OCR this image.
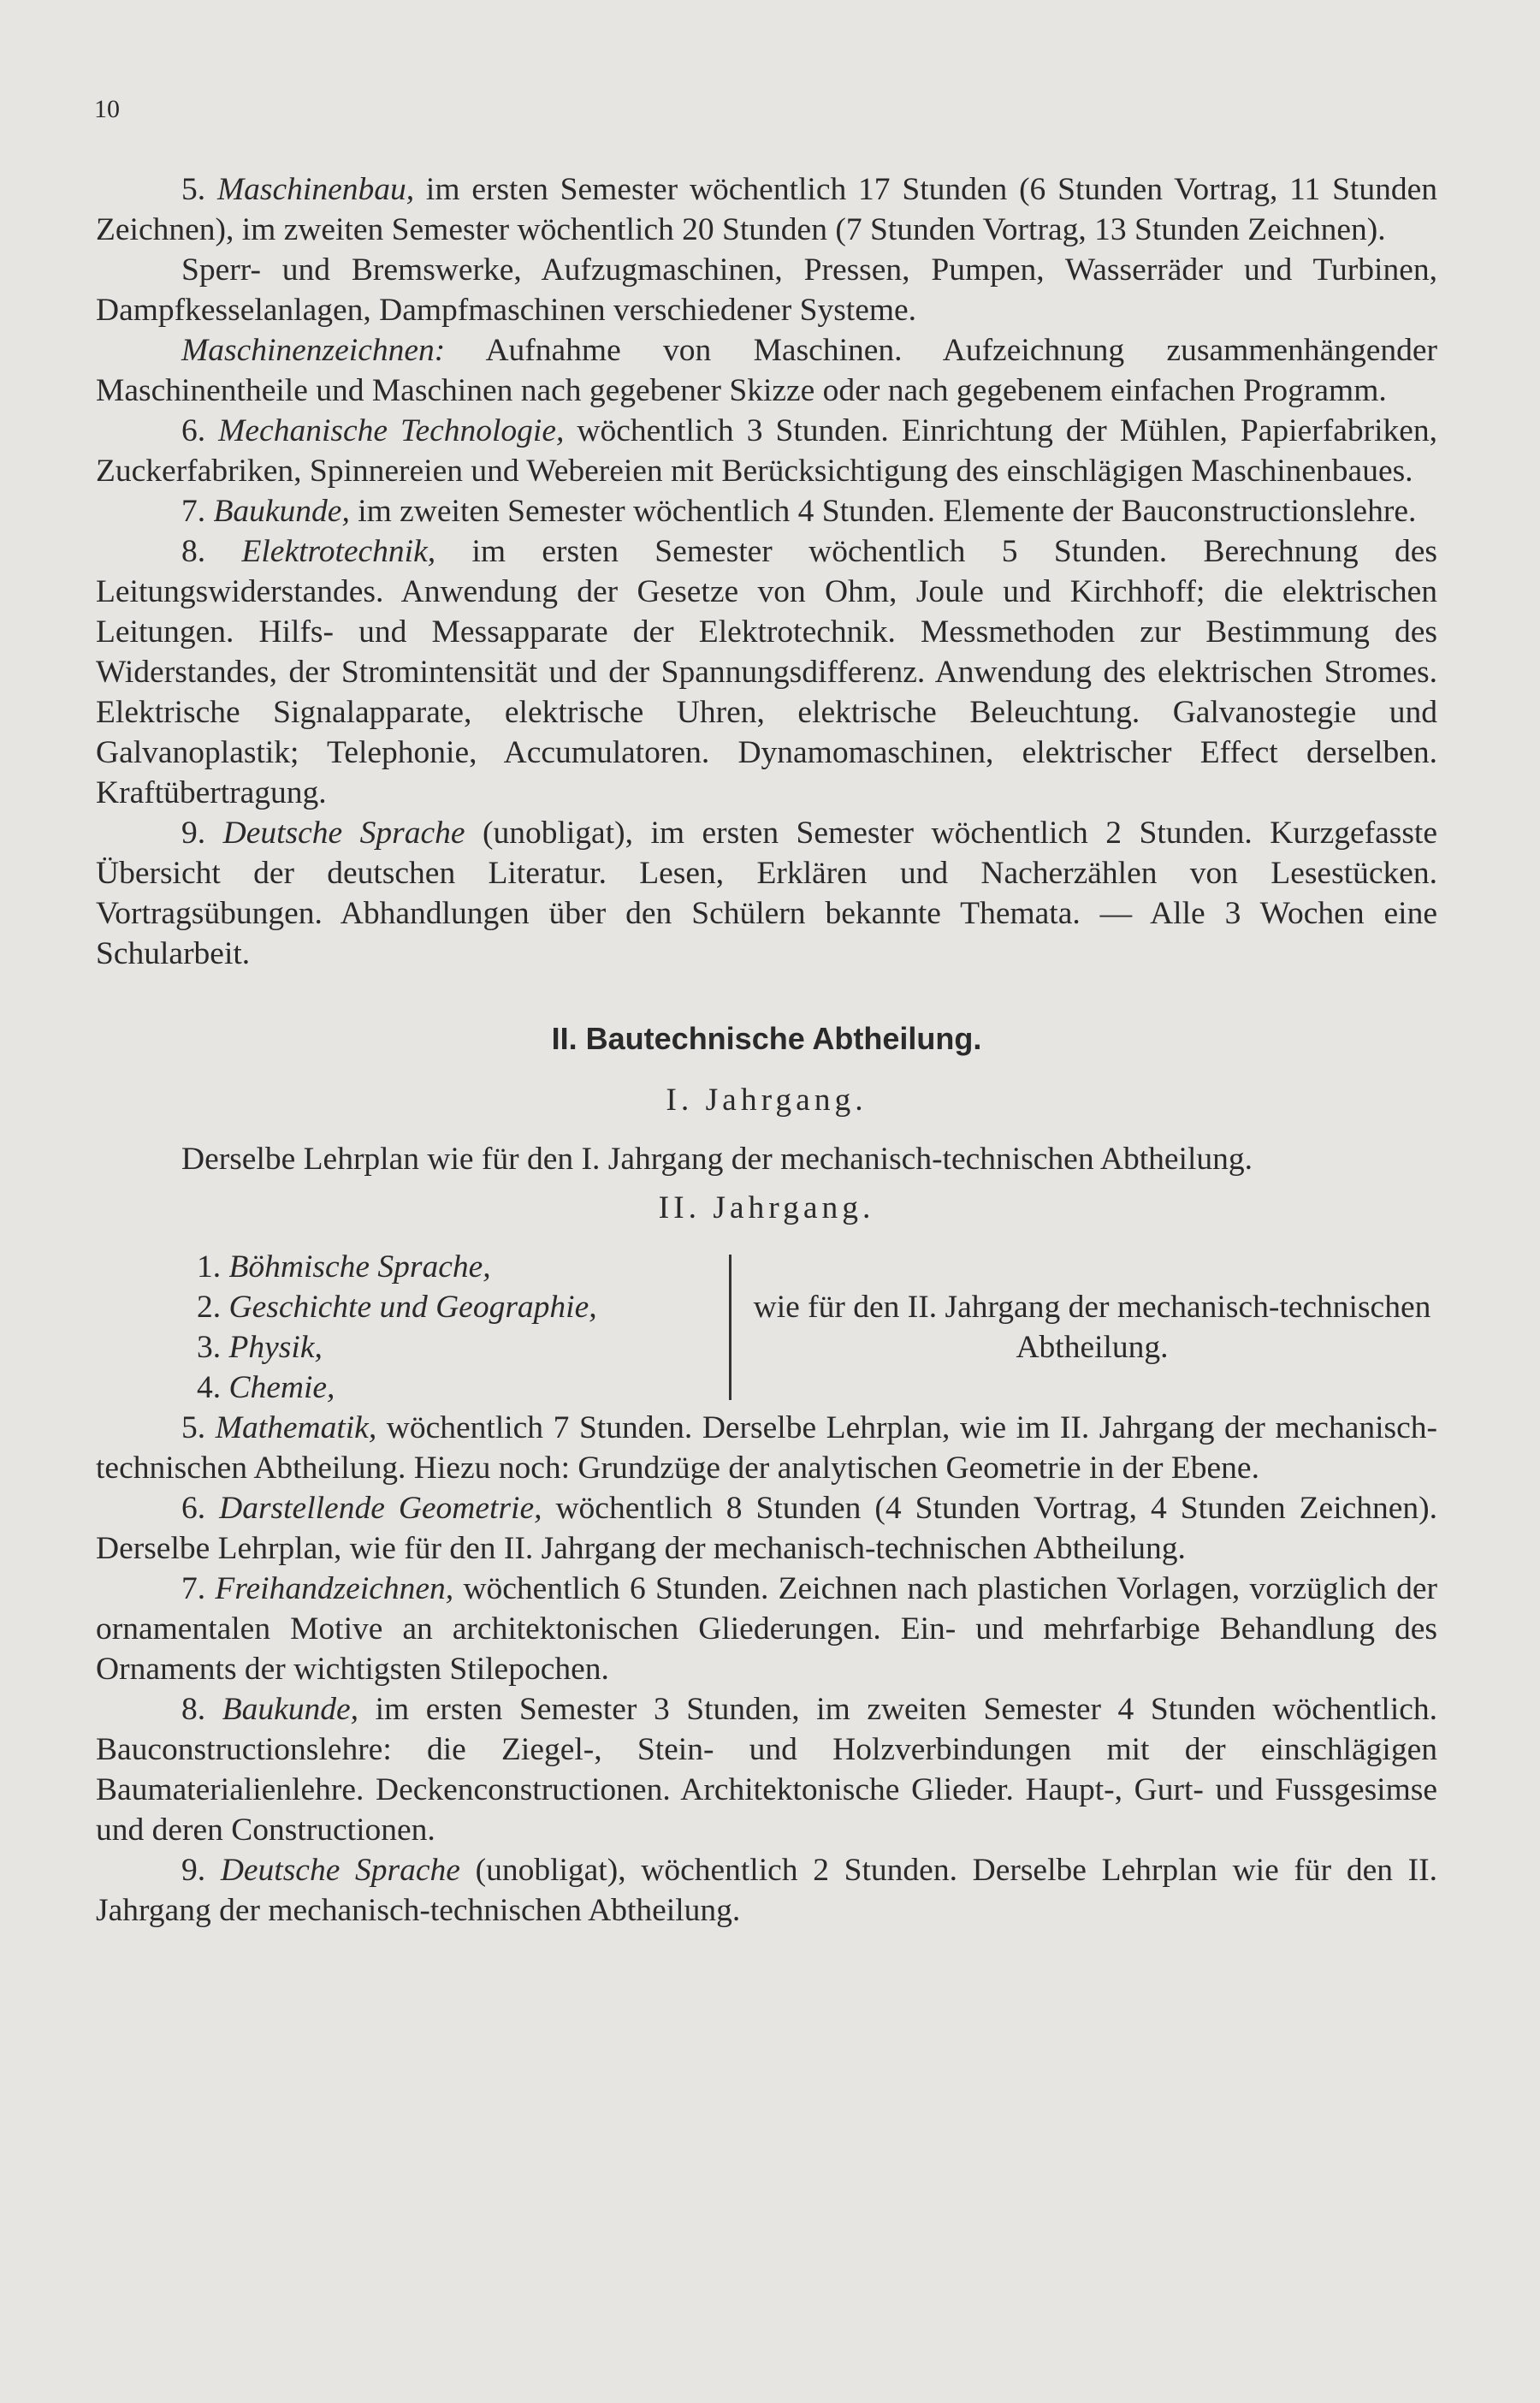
10

5. Maschinenbau, im ersten Semester wöchentlich 17 Stunden (6 Stunden Vortrag, 11 Stunden Zeichnen), im zweiten Semester wöchentlich 20 Stunden (7 Stunden Vortrag, 13 Stunden Zeichnen).

Sperr- und Bremswerke, Aufzugmaschinen, Pressen, Pumpen, Wasserräder und Turbinen, Dampfkesselanlagen, Dampfmaschinen verschiedener Systeme.

Maschinenzeichnen: Aufnahme von Maschinen. Aufzeichnung zusammenhängender Maschinentheile und Maschinen nach gegebener Skizze oder nach gegebenem einfachen Programm.

6. Mechanische Technologie, wöchentlich 3 Stunden. Einrichtung der Mühlen, Papierfabriken, Zuckerfabriken, Spinnereien und Webereien mit Berücksichtigung des einschlägigen Maschinenbaues.

7. Baukunde, im zweiten Semester wöchentlich 4 Stunden. Elemente der Bauconstructionslehre.

8. Elektrotechnik, im ersten Semester wöchentlich 5 Stunden. Berechnung des Leitungswiderstandes. Anwendung der Gesetze von Ohm, Joule und Kirchhoff; die elektrischen Leitungen. Hilfs- und Messapparate der Elektrotechnik. Messmethoden zur Bestimmung des Widerstandes, der Stromintensität und der Spannungsdifferenz. Anwendung des elektrischen Stromes. Elektrische Signalapparate, elektrische Uhren, elektrische Beleuchtung. Galvanostegie und Galvanoplastik; Telephonie, Accumulatoren. Dynamomaschinen, elektrischer Effect derselben. Kraftübertragung.

9. Deutsche Sprache (unobligat), im ersten Semester wöchentlich 2 Stunden. Kurzgefasste Übersicht der deutschen Literatur. Lesen, Erklären und Nacherzählen von Lesestücken. Vortragsübungen. Abhandlungen über den Schülern bekannte Themata. — Alle 3 Wochen eine Schularbeit.

II. Bautechnische Abtheilung.
I. Jahrgang.

Derselbe Lehrplan wie für den I. Jahrgang der mechanisch-technischen Abtheilung.

II. Jahrgang.
1. Böhmische Sprache,
2. Geschichte und Geographie,
3. Physik,
4. Chemie,
wie für den II. Jahrgang der mechanisch-technischen Abtheilung.

5. Mathematik, wöchentlich 7 Stunden. Derselbe Lehrplan, wie im II. Jahrgang der mechanisch-technischen Abtheilung. Hiezu noch: Grundzüge der analytischen Geometrie in der Ebene.

6. Darstellende Geometrie, wöchentlich 8 Stunden (4 Stunden Vortrag, 4 Stunden Zeichnen). Derselbe Lehrplan, wie für den II. Jahrgang der mechanisch-technischen Abtheilung.

7. Freihandzeichnen, wöchentlich 6 Stunden. Zeichnen nach plastichen Vorlagen, vorzüglich der ornamentalen Motive an architektonischen Gliederungen. Ein- und mehrfarbige Behandlung des Ornaments der wichtigsten Stilepochen.

8. Baukunde, im ersten Semester 3 Stunden, im zweiten Semester 4 Stunden wöchentlich. Bauconstructionslehre: die Ziegel-, Stein- und Holzverbindungen mit der einschlägigen Baumaterialienlehre. Deckenconstructionen. Architektonische Glieder. Haupt-, Gurt- und Fussgesimse und deren Constructionen.

9. Deutsche Sprache (unobligat), wöchentlich 2 Stunden. Derselbe Lehrplan wie für den II. Jahrgang der mechanisch-technischen Abtheilung.
